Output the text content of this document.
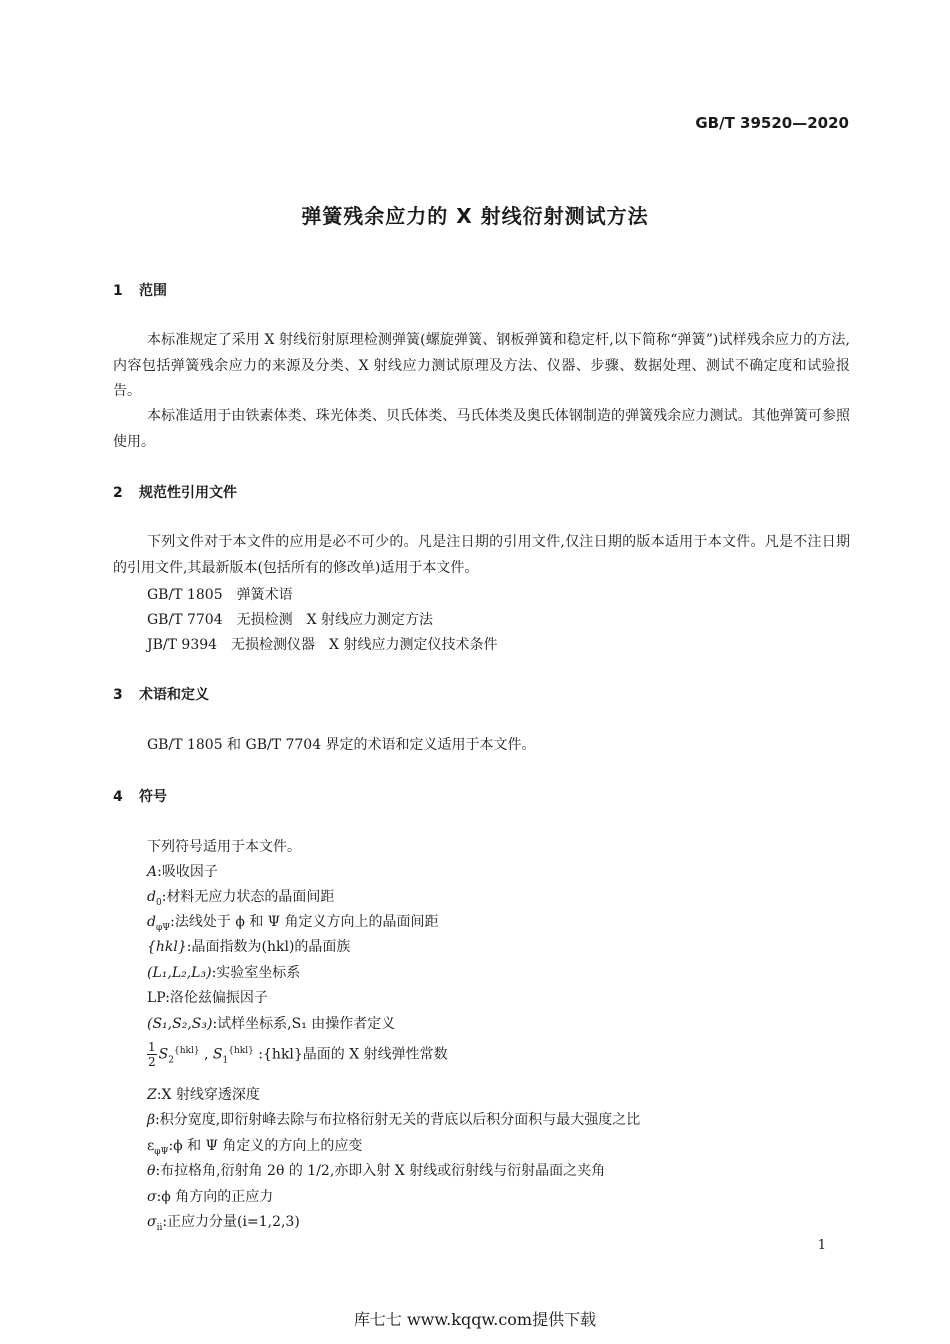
GB/T 39520—2020
弹簧残余应力的 X 射线衍射测试方法
1 范围
本标准规定了采用 X 射线衍射原理检测弹簧(螺旋弹簧、钢板弹簧和稳定杆,以下简称“弹簧”)试样残余应力的方法,内容包括弹簧残余应力的来源及分类、X 射线应力测试原理及方法、仪器、步骤、数据处理、测试不确定度和试验报告。
本标准适用于由铁素体类、珠光体类、贝氏体类、马氏体类及奥氏体钢制造的弹簧残余应力测试。其他弹簧可参照使用。
2 规范性引用文件
下列文件对于本文件的应用是必不可少的。凡是注日期的引用文件,仅注日期的版本适用于本文件。凡是不注日期的引用文件,其最新版本(包括所有的修改单)适用于本文件。
GB/T 1805 弹簧术语
GB/T 7704 无损检测　X 射线应力测定方法
JB/T 9394 无损检测仪器　X 射线应力测定仪技术条件
3 术语和定义
GB/T 1805 和 GB/T 7704 界定的术语和定义适用于本文件。
4 符号
下列符号适用于本文件。
A:吸收因子
$d_0$:材料无应力状态的晶面间距
$d_{\varphi\Psi}$:法线处于 ϕ 和 Ψ 角定义方向上的晶面间距
{hkl}:晶面指数为(hkl)的晶面族
(L₁,L₂,L₃):实验室坐标系
LP:洛伦兹偏振因子
(S₁,S₂,S₃):试样坐标系,S₁ 由操作者定义
$\frac{1}{2} S_2^{\{hkl\}}$ , $S_1^{\{hkl\}}$ :{hkl}晶面的 X 射线弹性常数
Z:X 射线穿透深度
β:积分宽度,即衍射峰去除与布拉格衍射无关的背底以后积分面积与最大强度之比
$\varepsilon_{\varphi\Psi}:\phi$ 和 Ψ 角定义的方向上的应变
θ:布拉格角,衍射角 2θ 的 1/2,亦即入射 X 射线或衍射线与衍射晶面之夹角
σ:ϕ 角方向的正应力
$\sigma_{ii}$:正应力分量(i=1,2,3)
1
库七七 www.kqqw.com提供下载
